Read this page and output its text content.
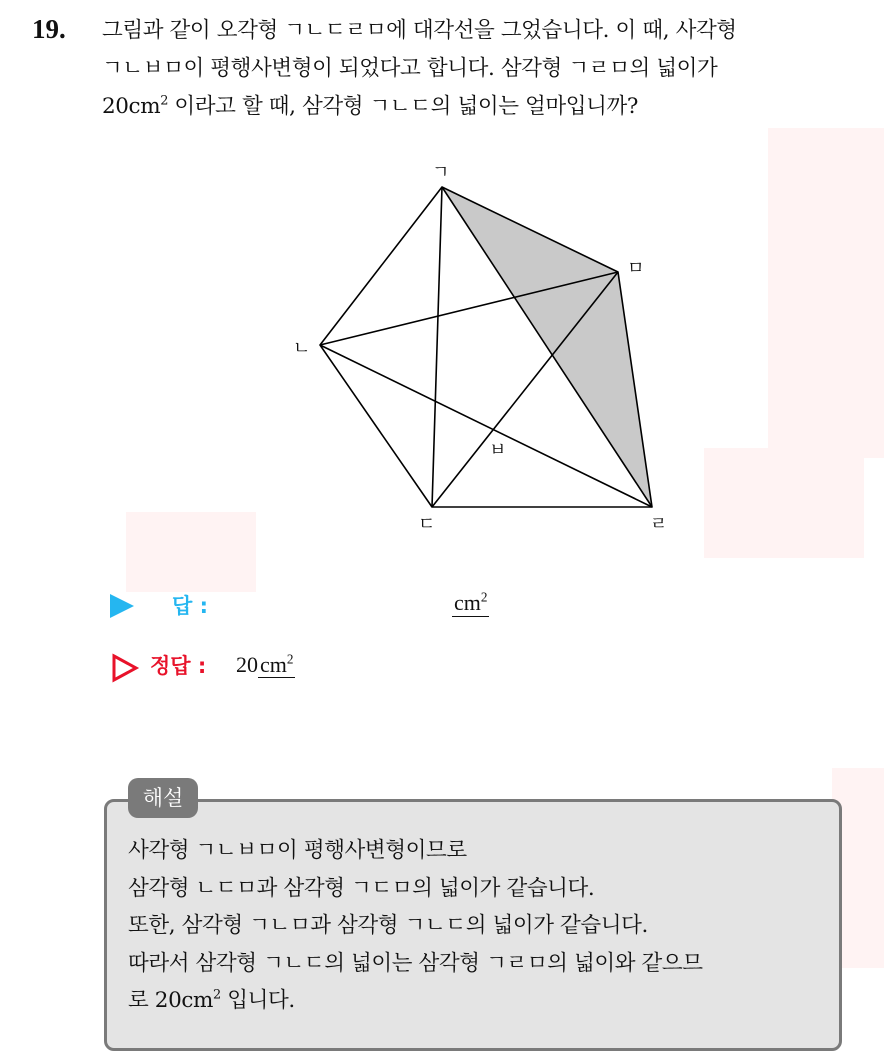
19. 그림과 같이 오각형 ㄱㄴㄷㄹㅁ에 대각선을 그었습니다. 이 때, 사각형
ㄱㄴㅂㅁ이 평행사변형이 되었다고 합니다. 삼각형 ㄱㄹㅁ의 넓이가
$20cm^2$ 이라고 할 때, 삼각형 ㄱㄴㄷ의 넓이는 얼마입니까?
ㄱ
ㄴ
ㄷ	ㄹ
ㅁ
ㅂ
답 :	$cm^2$
정답 : $20cm^2$
해설
사각형 ㄱㄴㅂㅁ이 평행사변형이므로
삼각형 ㄴㄷㅁ과 삼각형 ㄱㄷㅁ의 넓이가 같습니다.
또한, 삼각형 ㄱㄴㅁ과 삼각형 ㄱㄴㄷ의 넓이가 같습니다.
따라서 삼각형 ㄱㄴㄷ의 넓이는 삼각형 ㄱㄹㅁ의 넓이와 같으므
로 $20cm^2$ 입니다.
